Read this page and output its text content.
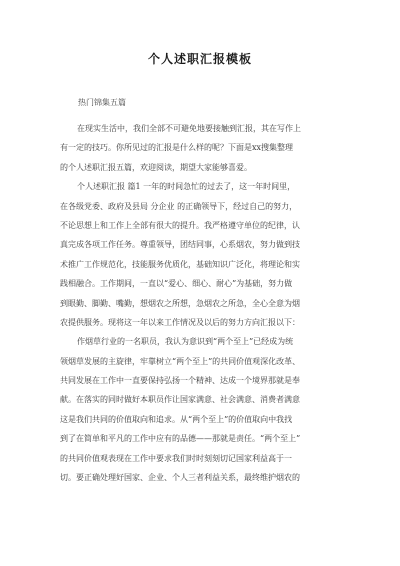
个人述职汇报模板
热门锦集五篇
在现实生活中，我们全部不可避免地要接触到汇报，其在写作上
有一定的技巧。你所见过的汇报是什么样的呢？下面是xx搜集整理
的个人述职汇报五篇，欢迎阅读，期望大家能够喜爱。
个人述职汇报 篇1 一年的时间急忙的过去了，这一年时间里，
在各级党委、政府及县局 分企业 的正确领导下，经过自己的努力，
不论思想上和工作上全部有很大的提升。我严格遵守单位的纪律，认
真完成各项工作任务。尊重领导，团结同事，心系烟农，努力做到技
术推广工作规范化，技能服务优质化，基础知识广泛化，将理论和实
践相融合。工作期间，一直以“爱心、细心、耐心”为基础，努力做
到眼勤、脚勤、嘴勤，想烟农之所想，急烟农之所急，全心全意为烟
农提供服务。现将这一年以来工作情况及以后的努力方向汇报以下：
作烟草行业的一名职员，我认为意识到“两个至上”已经成为统
领烟草发展的主旋律，牢靠树立“两个至上”的共同价值观深化改革、
共同发展在工作中一直要保持弘扬一个精神、达成一个境界那就是奉
献。在落实的同时做好本职员作让国家满意、社会满意、消费者满意
这是我们共同的价值取向和追求。从“两个至上”的价值取向中我找
到了在简单和平凡的工作中应有的品德——那就是责任。“两个至上”
的共同价值观表现在工作中要求我们时时刻刻切记国家利益高于一
切。要正确处理好国家、企业、个人三者利益关系，最终维护烟农的
